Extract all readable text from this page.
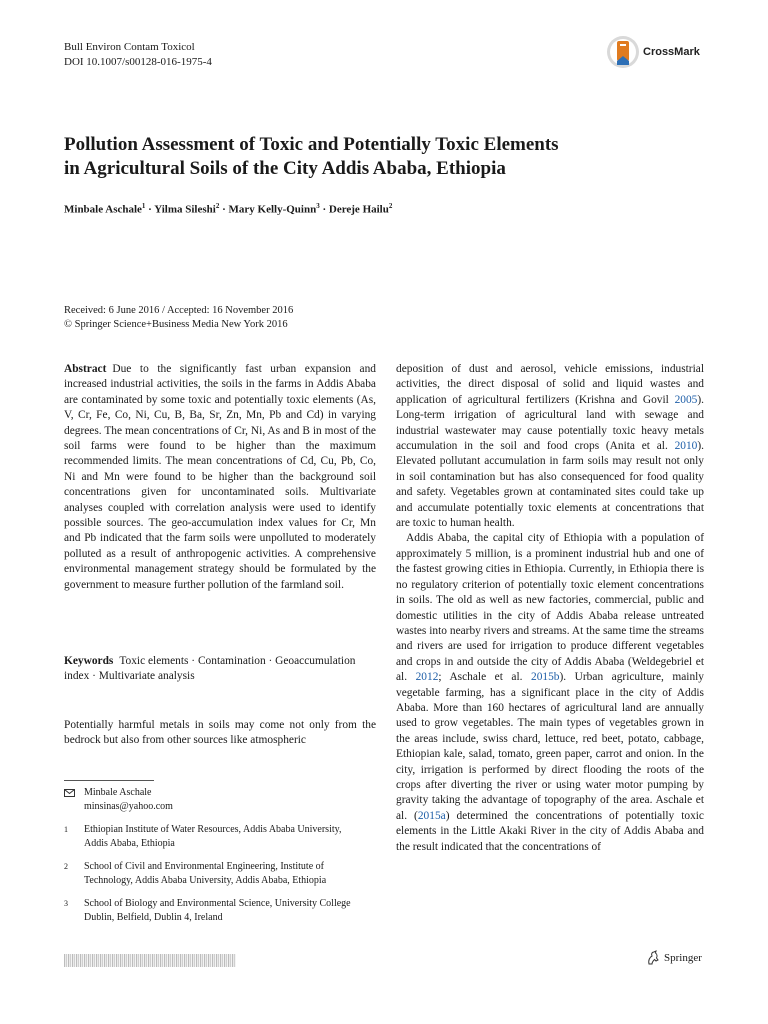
Bull Environ Contam Toxicol
DOI 10.1007/s00128-016-1975-4
CrossMark
Pollution Assessment of Toxic and Potentially Toxic Elements
in Agricultural Soils of the City Addis Ababa, Ethiopia
Minbale Aschale$^1$ · Yilma Sileshi$^2$ · Mary Kelly-Quinn$^3$ · Dereje Hailu$^2$
Received: 6 June 2016 / Accepted: 16 November 2016
© Springer Science+Business Media New York 2016

Abstract Due to the significantly fast urban expansion and increased industrial activities, the soils in the farms in Addis Ababa are contaminated by some toxic and potentially toxic elements (As, V, Cr, Fe, Co, Ni, Cu, B, Ba, Sr, Zn, Mn, Pb and Cd) in varying degrees. The mean concentrations of Cr, Ni, As and B in most of the soil farms were found to be higher than the maximum recommended limits. The mean concentrations of Cd, Cu, Pb, Co, Ni and Mn were found to be higher than the background soil concentrations given for uncontaminated soils. Multivariate analyses coupled with correlation analysis were used to identify possible sources. The geo-accumulation index values for Cr, Mn and Pb indicated that the farm soils were unpolluted to moderately polluted as a result of anthropogenic activities. A comprehensive environmental management strategy should be formulated by the government to measure further pollution of the farmland soil.

Keywords Toxic elements · Contamination · Geoaccumulation index · Multivariate analysis

Potentially harmful metals in soils may come not only from the bedrock but also from other sources like atmospheric

Minbale Aschale
minsinas@yahoo.com
1	Ethiopian Institute of Water Resources, Addis Ababa University, Addis Ababa, Ethiopia
2	School of Civil and Environmental Engineering, Institute of Technology, Addis Ababa University, Addis Ababa, Ethiopia
3	School of Biology and Environmental Science, University College Dublin, Belfield, Dublin 4, Ireland

deposition of dust and aerosol, vehicle emissions, industrial activities, the direct disposal of solid and liquid wastes and application of agricultural fertilizers (Krishna and Govil 2005). Long-term irrigation of agricultural land with sewage and industrial wastewater may cause potentially toxic heavy metals accumulation in the soil and food crops (Anita et al. 2010). Elevated pollutant accumulation in farm soils may result not only in soil contamination but has also consequenced for food quality and safety. Vegetables grown at contaminated sites could take up and accumulate potentially toxic elements at concentrations that are toxic to human health.

Addis Ababa, the capital city of Ethiopia with a population of approximately 5 million, is a prominent industrial hub and one of the fastest growing cities in Ethiopia. Currently, in Ethiopia there is no regulatory criterion of potentially toxic element concentrations in soils. The old as well as new factories, commercial, public and domestic utilities in the city of Addis Ababa release untreated wastes into nearby rivers and streams. At the same time the streams and rivers are used for irrigation to produce different vegetables and crops in and outside the city of Addis Ababa (Weldegebriel et al. 2012; Aschale et al. 2015b). Urban agriculture, mainly vegetable farming, has a significant place in the city of Addis Ababa. More than 160 hectares of agricultural land are annually used to grow vegetables. The main types of vegetables grown in the areas include, swiss chard, lettuce, red beet, potato, cabbage, Ethiopian kale, salad, tomato, green paper, carrot and onion. In the city, irrigation is performed by direct flooding the roots of the crops after diverting the river or using water motor pumping by gravity taking the advantage of topography of the area. Aschale et al. (2015a) determined the concentrations of potentially toxic elements in the Little Akaki River in the city of Addis Ababa and the result indicated that the concentrations of

Springer
